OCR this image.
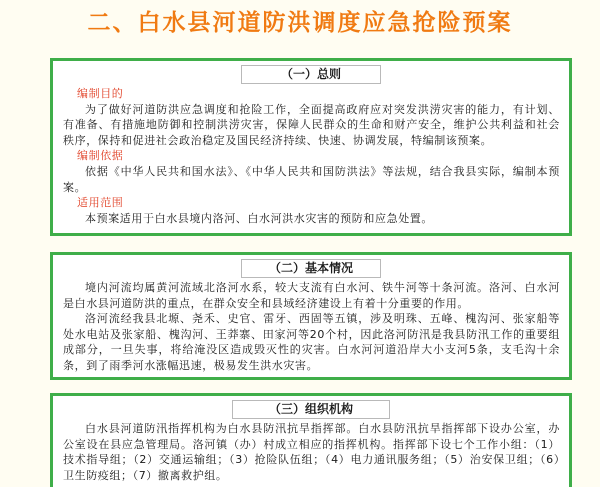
二、白水县河道防洪调度应急抢险预案
（一）总则
编制目的
为了做好河道防洪应急调度和抢险工作，全面提高政府应对突发洪涝灾害的能力，有计划、有准备、有措施地防御和控制洪涝灾害，保障人民群众的生命和财产安全，维护公共利益和社会秩序，保持和促进社会政治稳定及国民经济持续、快速、协调发展，特编制该预案。
编制依据
依据《中华人民共和国水法》、《中华人民共和国防洪法》等法规，结合我县实际，编制本预案。
适用范围
本预案适用于白水县境内洛河、白水河洪水灾害的预防和应急处置。
（二）基本情况
境内河流均属黄河流域北洛河水系，较大支流有白水河、铁牛河等十条河流。洛河、白水河是白水县河道防洪的重点，在群众安全和县域经济建设上有着十分重要的作用。
洛河流经我县北塬、尧禾、史官、雷牙、西固等五镇，涉及明珠、五峰、槐沟河、张家船等处水电站及张家船、槐沟河、王莽寨、田家河等20个村，因此洛河防汛是我县防汛工作的重要组成部分，一旦失事，将给淹没区造成毁灭性的灾害。白水河河道沿岸大小支河5条，支毛沟十余条，到了雨季河水涨幅迅速，极易发生洪水灾害。
（三）组织机构
白水县河道防汛指挥机构为白水县防汛抗旱指挥部。白水县防汛抗旱指挥部下设办公室，办公室设在县应急管理局。洛河镇（办）村成立相应的指挥机构。指挥部下设七个工作小组：（1）技术指导组；（2）交通运输组；（3）抢险队伍组；（4）电力通讯服务组；（5）治安保卫组；（6）卫生防疫组；（7）撤离救护组。
